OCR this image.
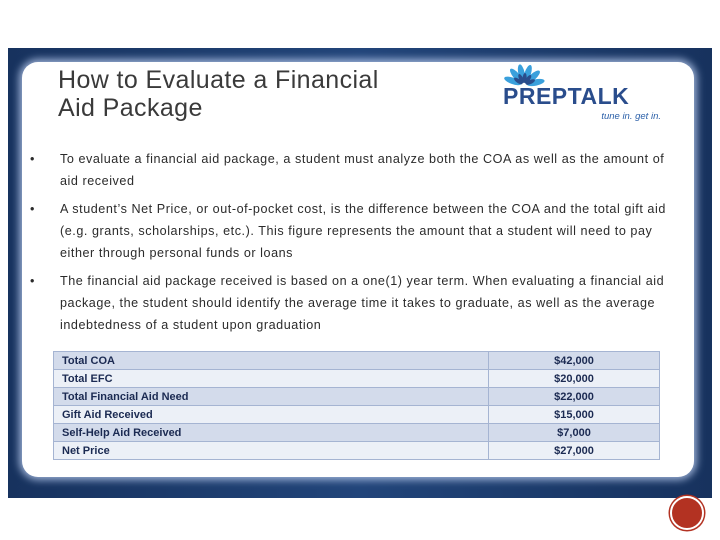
How to Evaluate a Financial
Aid Package	PREPTALK
tune in. get in.
• To evaluate a financial aid package, a student must analyze both the COA as well as the amount of aid received
• A student’s Net Price, or out-of-pocket cost, is the difference between the COA and the total gift aid (e.g. grants, scholarships, etc.). This figure represents the amount that a student will need to pay either through personal funds or loans
• The financial aid package received is based on a one(1) year term. When evaluating a financial aid package, the student should identify the average time it takes to graduate, as well as the average indebtedness of a student upon graduation
Total COA	$42,000
Total EFC	$20,000
Total Financial Aid Need	$22,000
Gift Aid Received	$15,000
Self-Help Aid Received	$7,000
Net Price	$27,000
